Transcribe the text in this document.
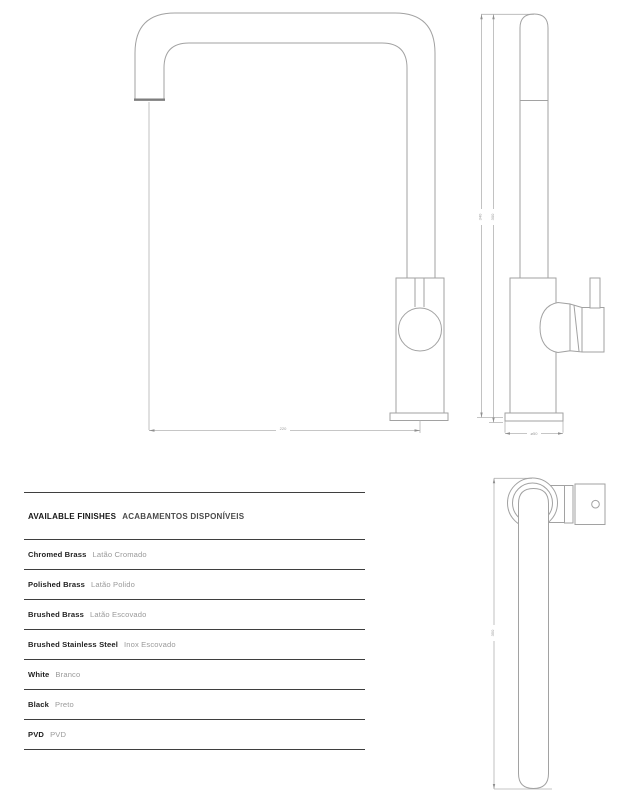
220
340 300
ø50
350
AVAILABLE FINISHES ACABAMENTOS DISPONÍVEIS
Chromed Brass Latão Cromado
Polished Brass Latão Polido
Brushed Brass Latão Escovado
Brushed Stainless Steel Inox Escovado
White Branco
Black Preto
PVD PVD
